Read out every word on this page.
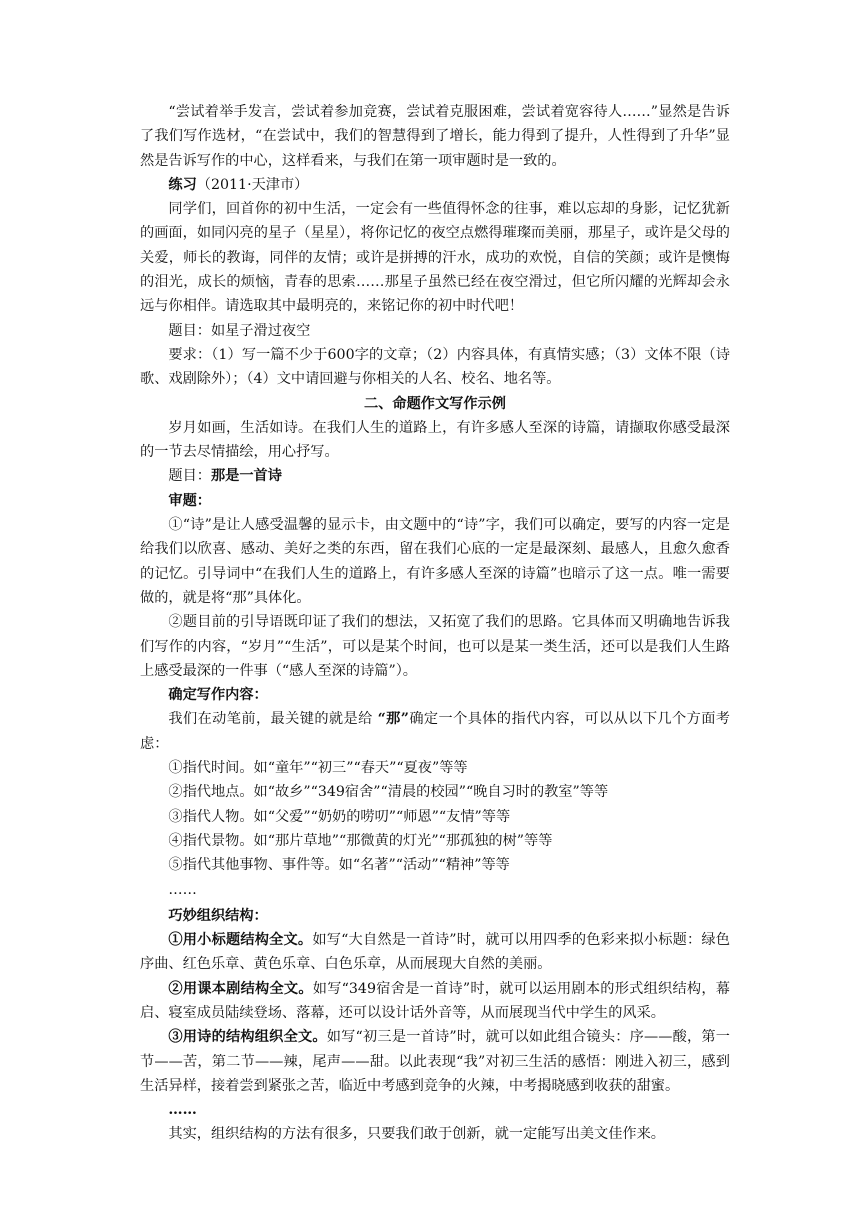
“尝试着举手发言，尝试着参加竞赛，尝试着克服困难，尝试着宽容待人……”显然是告诉了我们写作选材，“在尝试中，我们的智慧得到了增长，能力得到了提升，人性得到了升华”显然是告诉写作的中心，这样看来，与我们在第一项审题时是一致的。

练习（2011·天津市）

同学们，回首你的初中生活，一定会有一些值得怀念的往事，难以忘却的身影，记忆犹新的画面，如同闪亮的星子（星星），将你记忆的夜空点燃得璀璨而美丽，那星子，或许是父母的关爱，师长的教诲，同伴的友情；或许是拼搏的汗水，成功的欢悦，自信的笑颜；或许是懊悔的泪光，成长的烦恼，青春的思索……那星子虽然已经在夜空滑过，但它所闪耀的光辉却会永远与你相伴。请选取其中最明亮的，来铭记你的初中时代吧！

题目：如星子滑过夜空

要求：（1）写一篇不少于600字的文章；（2）内容具体，有真情实感；（3）文体不限（诗歌、戏剧除外）；（4）文中请回避与你相关的人名、校名、地名等。

二、命题作文写作示例

岁月如画，生活如诗。在我们人生的道路上，有许多感人至深的诗篇，请撷取你感受最深的一节去尽情描绘，用心抒写。

题目：那是一首诗

审题：

①“诗”是让人感受温馨的显示卡，由文题中的“诗”字，我们可以确定，要写的内容一定是给我们以欣喜、感动、美好之类的东西，留在我们心底的一定是最深刻、最感人，且愈久愈香的记忆。引导词中“在我们人生的道路上，有许多感人至深的诗篇”也暗示了这一点。唯一需要做的，就是将“那”具体化。

②题目前的引导语既印证了我们的想法，又拓宽了我们的思路。它具体而又明确地告诉我们写作的内容，“岁月”“生活”，可以是某个时间，也可以是某一类生活，还可以是我们人生路上感受最深的一件事（“感人至深的诗篇”）。

确定写作内容：

我们在动笔前，最关键的就是给 “那”确定一个具体的指代内容，可以从以下几个方面考虑：

①指代时间。如“童年”“初三”“春天”“夏夜”等等

②指代地点。如“故乡”“349宿舍”“清晨的校园”“晚自习时的教室”等等

③指代人物。如“父爱”“奶奶的唠叨”“师恩”“友情”等等

④指代景物。如“那片草地”“那微黄的灯光”“那孤独的树”等等

⑤指代其他事物、事件等。如“名著”“活动”“精神”等等

……

巧妙组织结构：

①用小标题结构全文。如写“大自然是一首诗”时，就可以用四季的色彩来拟小标题：绿色序曲、红色乐章、黄色乐章、白色乐章，从而展现大自然的美丽。

②用课本剧结构全文。如写“349宿舍是一首诗”时，就可以运用剧本的形式组织结构，幕启、寝室成员陆续登场、落幕，还可以设计话外音等，从而展现当代中学生的风采。

③用诗的结构组织全文。如写“初三是一首诗”时，就可以如此组合镜头：序——酸，第一节——苦，第二节——辣，尾声——甜。以此表现“我”对初三生活的感悟：刚进入初三，感到生活异样，接着尝到紧张之苦，临近中考感到竞争的火辣，中考揭晓感到收获的甜蜜。

……

其实，组织结构的方法有很多，只要我们敢于创新，就一定能写出美文佳作来。
